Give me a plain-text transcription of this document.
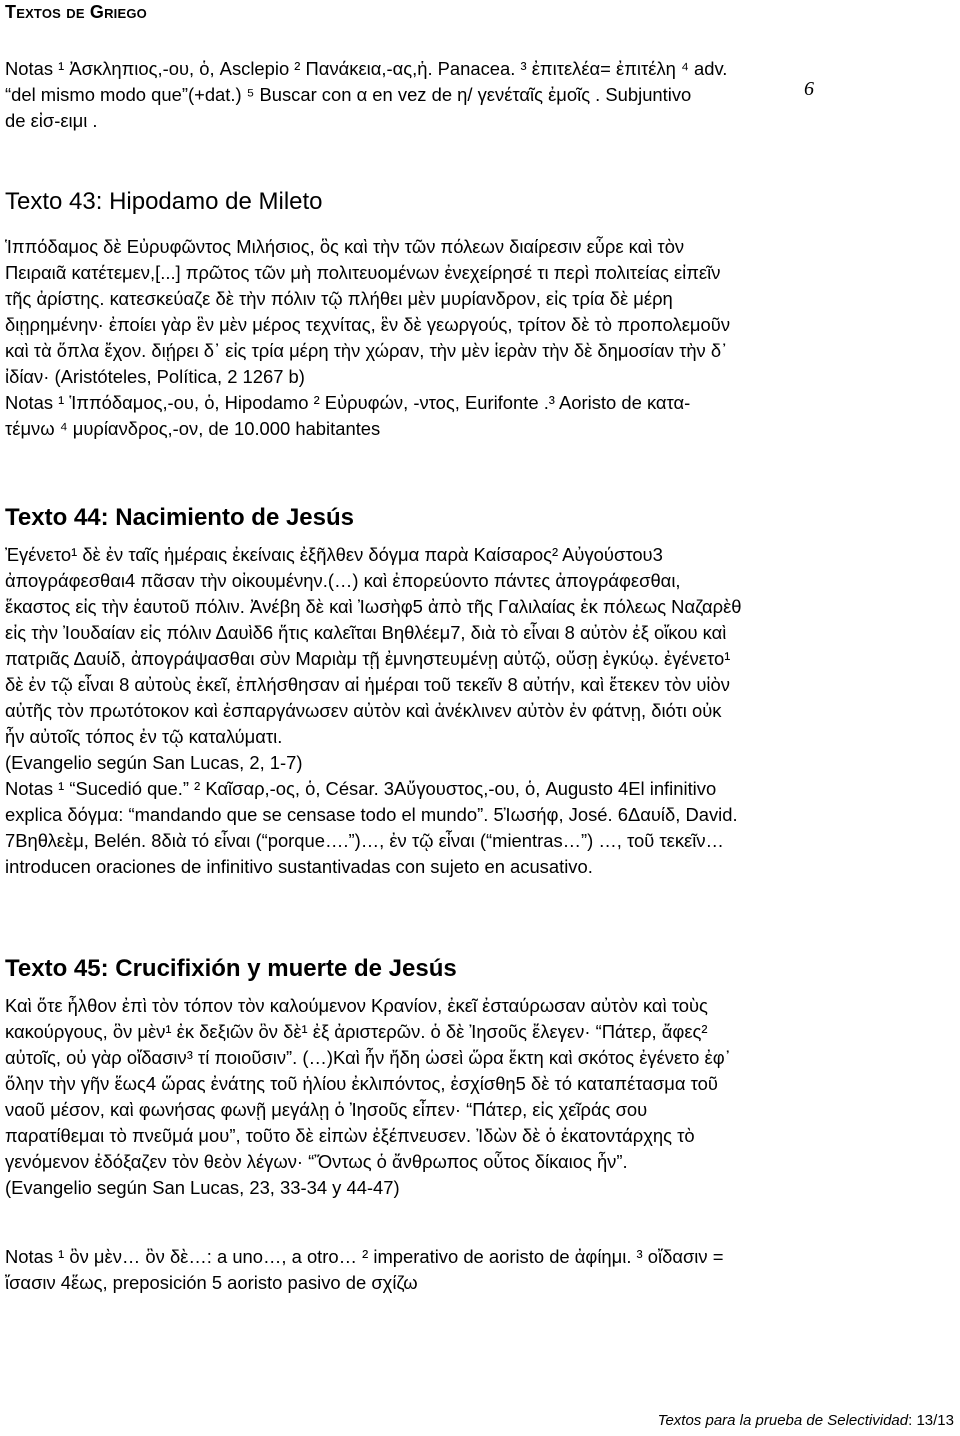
Textos de Griego
Notas ¹ Ἀσκληπιος,-ου, ὁ, Asclepio ² Πανάκεια,-ας,ἡ. Panacea. ³ ἐπιτελέα= ἐπιτέλη ⁴ adv.
“del mismo modo que”(+dat.) ⁵ Buscar con α en vez de η/ γενέταῖς ἐμοῖς . Subjuntivo
de εἰσ-ειμι .
6
Texto 43: Hipodamo de Mileto
Ἱππόδαμος δὲ Εὐρυφῶντος Μιλήσιος, ὃς καὶ τὴν τῶν πόλεων διαίρεσιν εὗρε καὶ τὸν
Πειραιᾶ κατέτεμεν,[...] πρῶτος τῶν μὴ πολιτευομένων ἐνεχείρησέ τι περὶ πολιτείας εἰπεῖν
τῆς ἀρίστης. κατεσκεύαζε δὲ τὴν πόλιν τῷ πλήθει μὲν μυρίανδρον, εἰς τρία δὲ μέρη
διῃρημένην· ἐποίει γὰρ ἓν μὲν μέρος τεχνίτας, ἓν δὲ γεωργούς, τρίτον δὲ τὸ προπολεμοῦν
καὶ τὰ ὅπλα ἔχον. διῄρει δ᾽ εἰς τρία μέρη τὴν χώραν, τὴν μὲν ἱερὰν τὴν δὲ δημοσίαν τὴν δ᾽
ἰδίαν· (Aristóteles, Política, 2 1267 b)
Notas ¹ Ἱππόδαμος,-ου, ὁ, Hipodamo ² Εὐρυφών, -ντος, Eurifonte .³ Aoristo de κατα-
τέμνω ⁴ μυρίανδρος,-ον, de 10.000 habitantes
Texto 44: Nacimiento de Jesús
Ἐγένετο¹ δὲ ἐν ταῖς ἡμέραις ἐκείναις ἐξῆλθεν δόγμα παρὰ Καίσαρος² Αὐγούστου3
ἀπογράφεσθαι4 πᾶσαν τὴν οἰκουμένην.(…) καὶ ἐπορεύοντο πάντες ἀπογράφεσθαι,
ἕκαστος εἰς τὴν ἑαυτοῦ πόλιν. Ἀνέβη δὲ καὶ Ἰωσὴφ5 ἀπὸ τῆς Γαλιλαίας ἐκ πόλεως Ναζαρὲθ
εἰς τὴν Ἰουδαίαν εἰς πόλιν Δαυὶδ6 ἥτις καλεῖται Βηθλέεμ7, διὰ τὸ εἶναι 8 αὐτὸν ἐξ οἴκου καὶ
πατριᾶς Δαυίδ, ἀπογράψασθαι σὺν Μαριὰμ τῇ ἐμνηστευμένῃ αὐτῷ, οὔσῃ ἐγκύῳ. ἐγένετο¹
δὲ ἐν τῷ εἶναι 8 αὐτοὺς ἐκεῖ, ἐπλήσθησαν αἱ ἡμέραι τοῦ τεκεῖν 8 αὐτήν, καὶ ἔτεκεν τὸν υἱὸν
αὐτῆς τὸν πρωτότοκον καὶ ἐσπαργάνωσεν αὐτὸν καὶ ἀνέκλινεν αὐτὸν ἐν φάτνῃ, διότι οὐκ
ἦν αὐτοῖς τόπος ἐν τῷ καταλύματι.
(Evangelio según San Lucas, 2, 1-7)
Notas ¹ “Sucedió que.” ² Καῖσαρ,-ος, ὁ, César. 3Αὔγουστος,-ου, ὁ, Augusto 4El infinitivo
explica δόγμα: “mandando que se censase todo el mundo”. 5Ἰωσήφ, José. 6Δαυίδ, David.
7Βηθλεὲμ, Belén. 8διὰ τό εἶναι (“porque….”)…, ἐν τῷ εἶναι (“mientras…”) …, τοῦ τεκεῖν…
introducen oraciones de infinitivo sustantivadas con sujeto en acusativo.
Texto 45: Crucifixión y muerte de Jesús
Καὶ ὅτε ἦλθον ἐπὶ τὸν τόπον τὸν καλούμενον Κρανίον, ἐκεῖ ἐσταύρωσαν αὐτὸν καὶ τοὺς
κακούργους, ὃν μὲν¹ ἐκ δεξιῶν ὃν δὲ¹ ἐξ ἀριστερῶν. ὁ δὲ Ἰησοῦς ἔλεγεν· “Πάτερ, ἄφες²
αὐτοῖς, οὐ γὰρ οἴδασιν³ τί ποιοῦσιν”. (…)Καὶ ἦν ἤδη ὡσεὶ ὥρα ἕκτη καὶ σκότος ἐγένετο ἐφ᾽
ὅλην τὴν γῆν ἕως4 ὥρας ἐνάτης τοῦ ἡλίου ἐκλιπόντος, ἐσχίσθη5 δὲ τό καταπέτασμα τοῦ
ναοῦ μέσον, καὶ φωνήσας φωνῇ μεγάλῃ ὁ Ἰησοῦς εἶπεν· “Πάτερ, εἰς χεῖράς σου
παρατίθεμαι τὸ πνεῦμά μου”, τοῦτο δὲ εἰπὼν ἐξέπνευσεν. Ἰδὼν δὲ ὁ ἑκατοντάρχης τὸ
γενόμενον ἐδόξαζεν τὸν θεὸν λέγων· “Ὄντως ὁ ἄνθρωπος οὗτος δίκαιος ἦν”.
(Evangelio según San Lucas, 23, 33-34 y 44-47)
Notas ¹ ὃν μὲν… ὃν δὲ…: a uno…, a otro… ² imperativo de aoristo de ἀφίημι. ³ οἴδασιν =
ἴσασιν 4ἕως, preposición 5 aoristo pasivo de σχίζω
Textos para la prueba de Selectividad: 13/13
